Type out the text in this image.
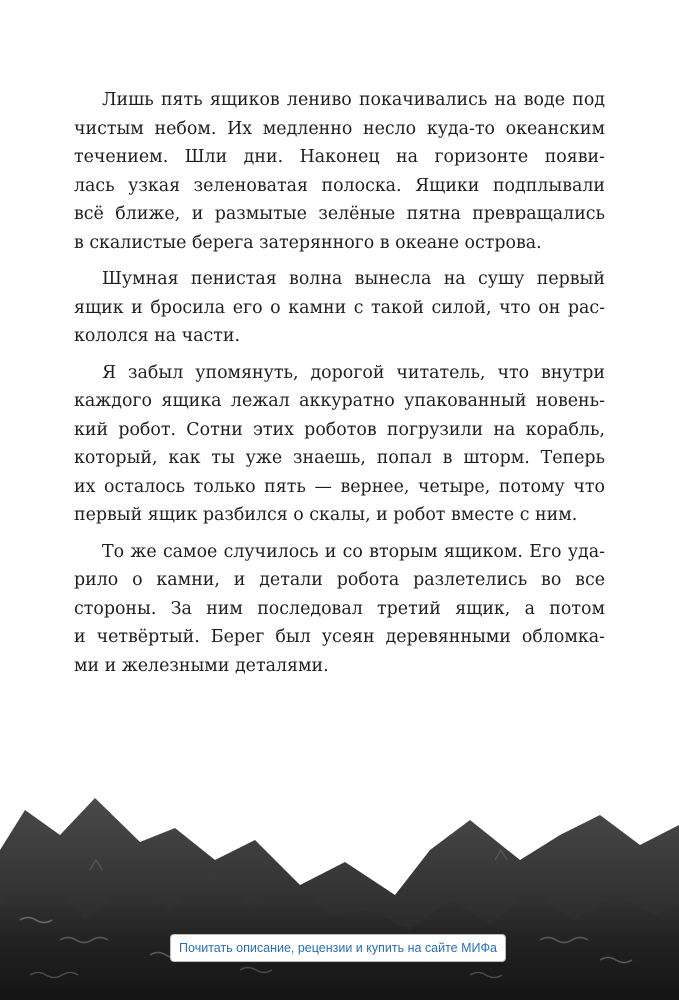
Лишь пять ящиков лениво покачивались на воде под
чистым небом. Их медленно несло куда-то океанским
течением. Шли дни. Наконец на горизонте появи-
лась узкая зеленоватая полоска. Ящики подплывали
всё ближе, и размытые зелёные пятна превращались
в скалистые берега затерянного в океане острова.
Шумная пенистая волна вынесла на сушу первый
ящик и бросила его о камни с такой силой, что он рас-
кололся на части.
Я забыл упомянуть, дорогой читатель, что внутри
каждого ящика лежал аккуратно упакованный новень-
кий робот. Сотни этих роботов погрузили на корабль,
который, как ты уже знаешь, попал в шторм. Теперь
их осталось только пять — вернее, четыре, потому что
первый ящик разбился о скалы, и робот вместе с ним.
То же самое случилось и со вторым ящиком. Его уда-
рило о камни, и детали робота разлетелись во все
стороны. За ним последовал третий ящик, а потом
и четвёртый. Берег был усеян деревянными обломка-
ми и железными деталями.
Почитать описание, рецензии и купить на сайте МИФа
